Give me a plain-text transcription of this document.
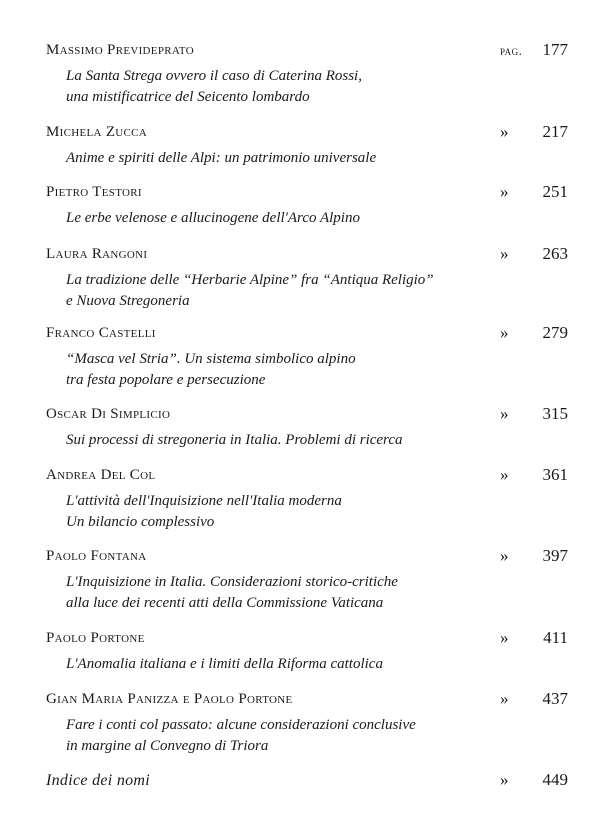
Massimo Prevideprato	pag. 177
La Santa Strega ovvero il caso di Caterina Rossi,
una mistificatrice del Seicento lombardo
Michela Zucca	» 217
Anime e spiriti delle Alpi: un patrimonio universale
Pietro Testori	» 251
Le erbe velenose e allucinogene dell'Arco Alpino
Laura Rangoni	» 263
La tradizione delle “Herbarie Alpine” fra “Antiqua Religio”
e Nuova Stregoneria
Franco Castelli	» 279
“Masca vel Stria”. Un sistema simbolico alpino
tra festa popolare e persecuzione
Oscar Di Simplicio	» 315
Sui processi di stregoneria in Italia. Problemi di ricerca
Andrea Del Col	» 361
L'attività dell'Inquisizione nell'Italia moderna
Un bilancio complessivo
Paolo Fontana	» 397
L'Inquisizione in Italia. Considerazioni storico-critiche
alla luce dei recenti atti della Commissione Vaticana
Paolo Portone	» 411
L'Anomalia italiana e i limiti della Riforma cattolica
Gian Maria Panizza e Paolo Portone	» 437
Fare i conti col passato: alcune considerazioni conclusive
in margine al Convegno di Triora
Indice dei nomi	» 449
